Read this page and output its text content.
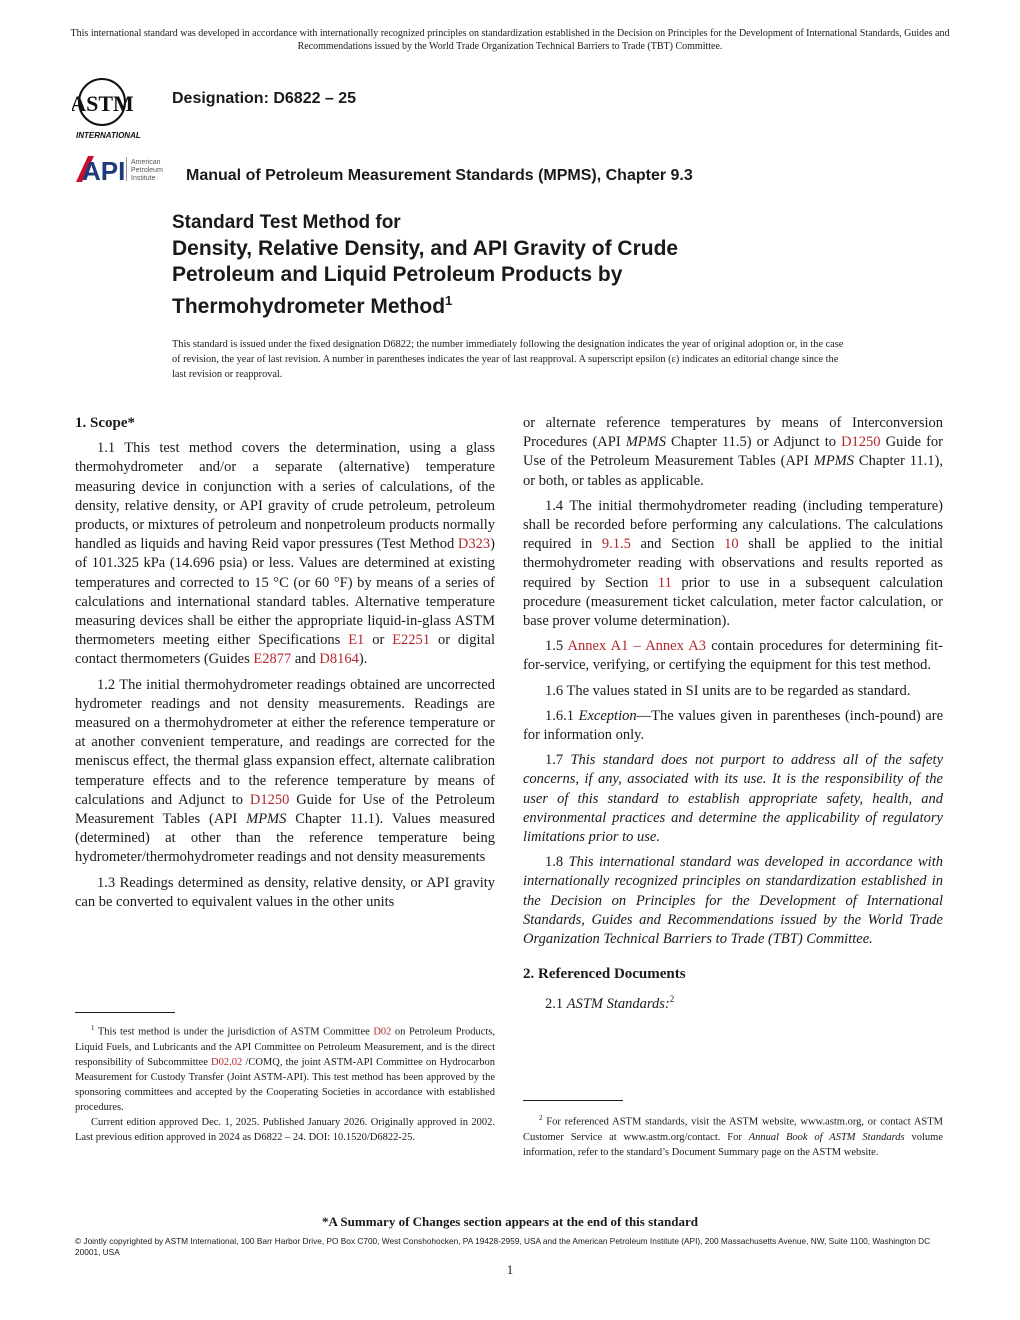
This international standard was developed in accordance with internationally recognized principles on standardization established in the Decision on Principles for the Development of International Standards, Guides and Recommendations issued by the World Trade Organization Technical Barriers to Trade (TBT) Committee.
ASTM
INTERNATIONAL
Designation: D6822 – 25
API American
Petroleum
Institute Manual of Petroleum Measurement Standards (MPMS), Chapter 9.3
Standard Test Method for
Density, Relative Density, and API Gravity of Crude
Petroleum and Liquid Petroleum Products by
Thermohydrometer Method$^1$
This standard is issued under the fixed designation D6822; the number immediately following the designation indicates the year of original adoption or, in the case of revision, the year of last revision. A number in parentheses indicates the year of last reapproval. A superscript epsilon (ε) indicates an editorial change since the last revision or reapproval.
1. Scope*

1.1 This test method covers the determination, using a glass thermohydrometer and/or a separate (alternative) temperature measuring device in conjunction with a series of calculations, of the density, relative density, or API gravity of crude petroleum, petroleum products, or mixtures of petroleum and nonpetroleum products normally handled as liquids and having Reid vapor pressures (Test Method D323) of 101.325 kPa (14.696 psia) or less. Values are determined at existing temperatures and corrected to 15 °C (or 60 °F) by means of a series of calculations and international standard tables. Alternative temperature measuring devices shall be either the appropriate liquid-in-glass ASTM thermometers meeting either Specifications E1 or E2251 or digital contact thermometers (Guides E2877 and D8164).

1.2 The initial thermohydrometer readings obtained are uncorrected hydrometer readings and not density measurements. Readings are measured on a thermohydrometer at either the reference temperature or at another convenient temperature, and readings are corrected for the meniscus effect, the thermal glass expansion effect, alternate calibration temperature effects and to the reference temperature by means of calculations and Adjunct to D1250 Guide for Use of the Petroleum Measurement Tables (API MPMS Chapter 11.1). Values measured (determined) at other than the reference temperature being hydrometer/thermohydrometer readings and not density measurements

1.3 Readings determined as density, relative density, or API gravity can be converted to equivalent values in the other units

or alternate reference temperatures by means of Interconversion Procedures (API MPMS Chapter 11.5) or Adjunct to D1250 Guide for Use of the Petroleum Measurement Tables (API MPMS Chapter 11.1), or both, or tables as applicable.

1.4 The initial thermohydrometer reading (including temperature) shall be recorded before performing any calculations. The calculations required in 9.1.5 and Section 10 shall be applied to the initial thermohydrometer reading with observations and results reported as required by Section 11 prior to use in a subsequent calculation procedure (measurement ticket calculation, meter factor calculation, or base prover volume determination).

1.5 Annex A1 – Annex A3 contain procedures for determining fit-for-service, verifying, or certifying the equipment for this test method.

1.6 The values stated in SI units are to be regarded as standard.

1.6.1 Exception—The values given in parentheses (inch-pound) are for information only.

1.7 This standard does not purport to address all of the safety concerns, if any, associated with its use. It is the responsibility of the user of this standard to establish appropriate safety, health, and environmental practices and determine the applicability of regulatory limitations prior to use.

1.8 This international standard was developed in accordance with internationally recognized principles on standardization established in the Decision on Principles for the Development of International Standards, Guides and Recommendations issued by the World Trade Organization Technical Barriers to Trade (TBT) Committee.

2. Referenced Documents

2.1 ASTM Standards:$^2$

$^1$ This test method is under the jurisdiction of ASTM Committee D02 on Petroleum Products, Liquid Fuels, and Lubricants and the API Committee on Petroleum Measurement, and is the direct responsibility of Subcommittee D02.02 /COMQ, the joint ASTM-API Committee on Hydrocarbon Measurement for Custody Transfer (Joint ASTM-API). This test method has been approved by the sponsoring committees and accepted by the Cooperating Societies in accordance with established procedures.

Current edition approved Dec. 1, 2025. Published January 2026. Originally approved in 2002. Last previous edition approved in 2024 as D6822 – 24. DOI: 10.1520/D6822-25.

$^2$ For referenced ASTM standards, visit the ASTM website, www.astm.org, or contact ASTM Customer Service at www.astm.org/contact. For Annual Book of ASTM Standards volume information, refer to the standard’s Document Summary page on the ASTM website.

*A Summary of Changes section appears at the end of this standard
© Jointly copyrighted by ASTM International, 100 Barr Harbor Drive, PO Box C700, West Conshohocken, PA 19428-2959, USA and the American Petroleum Institute (API), 200 Massachusetts Avenue, NW, Suite 1100, Washington DC 20001, USA
1
